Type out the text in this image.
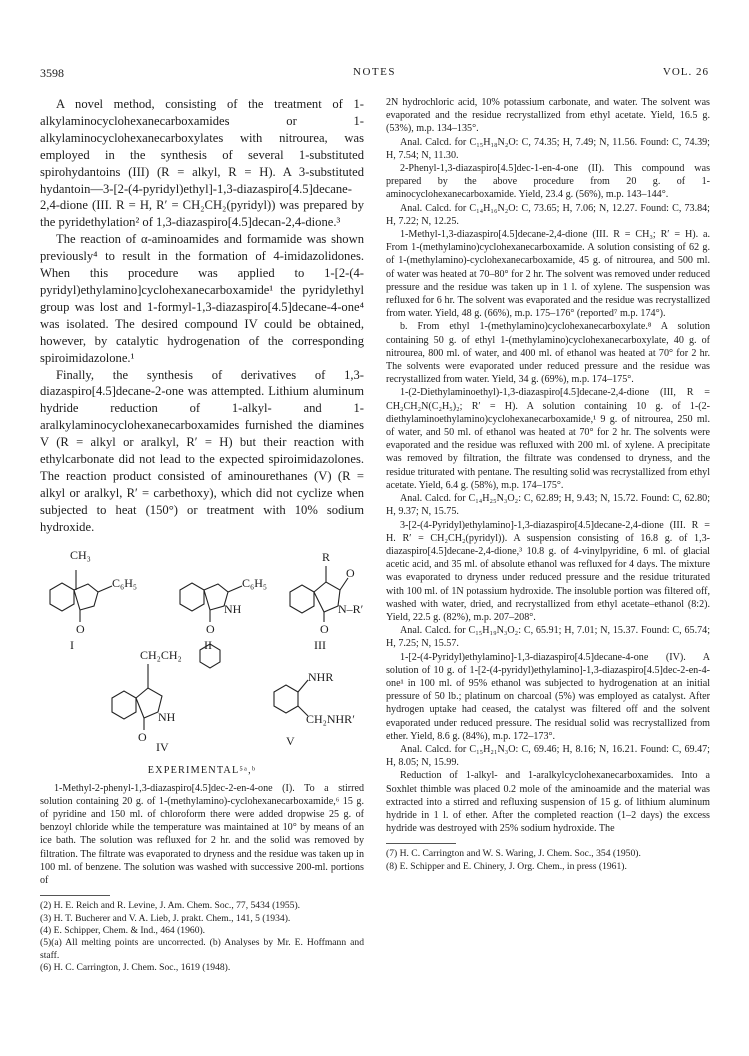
3598	NOTES	VOL. 26

A novel method, consisting of the treatment of 1-alkylaminocyclohexanecarboxamides or 1-alkylaminocyclohexanecarboxylates with nitrourea, was employed in the synthesis of several 1-substituted spirohydantoins (III) (R = alkyl, R = H). A 3-substituted hydantoin—3-[2-(4-pyridyl)ethyl]-1,3-diazaspiro[4.5]decane-2,4-dione (III. R = H, R′ = CH₂CH₂(pyridyl)) was prepared by the pyridethylation² of 1,3-diazaspiro[4.5]decan-2,4-dione.³

The reaction of α-aminoamides and formamide was shown previously⁴ to result in the formation of 4-imidazolidones. When this procedure was applied to 1-[2-(4-pyridyl)ethylamino]cyclohexanecarboxamide¹ the pyridylethyl group was lost and 1-formyl-1,3-diazaspiro[4.5]decane-4-one⁴ was isolated. The desired compound IV could be obtained, however, by catalytic hydrogenation of the corresponding spiroimidazolone.¹

Finally, the synthesis of derivatives of 1,3-diazaspiro[4.5]decane-2-one was attempted. Lithium aluminum hydride reduction of 1-alkyl- and 1-aralkylaminocyclohexanecarboxamides furnished the diamines V (R = alkyl or aralkyl, R′ = H) but their reaction with ethylcarbonate did not lead to the expected spiroimidazolones. The reaction product consisted of aminourethanes (V) (R = alkyl or aralkyl, R′ = carbethoxy), which did not cyclize when subjected to heat (150°) or treatment with 10% sodium hydroxide.

CH₃
C₆H₅
O
I
C₆H₅
NH
O
II
R
O
N–R′
O
III
CH₂CH₂
NH
O
IV
NHR
CH₂NHR′
V
EXPERIMENTAL⁵ᵃ,ᵇ

1-Methyl-2-phenyl-1,3-diazaspiro[4.5]dec-2-en-4-one (I). To a stirred solution containing 20 g. of 1-(methylamino)-cyclohexanecarboxamide,⁶ 15 g. of pyridine and 150 ml. of chloroform there were added dropwise 25 g. of benzoyl chloride while the temperature was maintained at 10° by means of an ice bath. The solution was refluxed for 2 hr. and the solid was removed by filtration. The filtrate was evaporated to dryness and the residue was taken up in 100 ml. of benzene. The solution was washed with successive 200-ml. portions of

(2) H. E. Reich and R. Levine, J. Am. Chem. Soc., 77, 5434 (1955).

(3) H. T. Bucherer and V. A. Lieb, J. prakt. Chem., 141, 5 (1934).

(4) E. Schipper, Chem. & Ind., 464 (1960).

(5)(a) All melting points are uncorrected. (b) Analyses by Mr. E. Hoffmann and staff.

(6) H. C. Carrington, J. Chem. Soc., 1619 (1948).

2N hydrochloric acid, 10% potassium carbonate, and water. The solvent was evaporated and the residue recrystallized from ethyl acetate. Yield, 16.5 g. (53%), m.p. 134–135°.

Anal. Calcd. for C₁₅H₁₈N₂O: C, 74.35; H, 7.49; N, 11.56. Found: C, 74.39; H, 7.54; N, 11.30.

2-Phenyl-1,3-diazaspiro[4.5]dec-1-en-4-one (II). This compound was prepared by the above procedure from 20 g. of 1-aminocyclohexanecarboxamide. Yield, 23.4 g. (56%), m.p. 143–144°.

Anal. Calcd. for C₁₄H₁₆N₂O: C, 73.65; H, 7.06; N, 12.27. Found: C, 73.84; H, 7.22; N, 12.25.

1-Methyl-1,3-diazaspiro[4.5]decane-2,4-dione (III. R = CH₃; R′ = H). a. From 1-(methylamino)cyclohexanecarboxamide. A solution consisting of 62 g. of 1-(methylamino)-cyclohexanecarboxamide, 45 g. of nitrourea, and 500 ml. of water was heated at 70–80° for 2 hr. The solvent was removed under reduced pressure and the residue was taken up in 1 l. of xylene. The suspension was refluxed for 6 hr. The solvent was evaporated and the residue was recrystallized from water. Yield, 48 g. (66%), m.p. 175–176° (reported⁷ m.p. 174°).

b. From ethyl 1-(methylamino)cyclohexanecarboxylate.⁸ A solution containing 50 g. of ethyl 1-(methylamino)cyclohexanecarboxylate, 40 g. of nitrourea, 800 ml. of water, and 400 ml. of ethanol was heated at 70° for 2 hr. The solvents were evaporated under reduced pressure and the residue was recrystallized from water. Yield, 34 g. (69%), m.p. 174–175°.

1-(2-Diethylaminoethyl)-1,3-diazaspiro[4.5]decane-2,4-dione (III, R = CH₂CH₂N(C₂H₅)₂; R′ = H). A solution containing 10 g. of 1-(2-diethylaminoethylamino)cyclohexanecarboxamide,¹ 9 g. of nitrourea, 250 ml. of water, and 50 ml. of ethanol was heated at 70° for 2 hr. The solvents were evaporated and the residue was refluxed with 200 ml. of xylene. A precipitate was removed by filtration, the filtrate was condensed to dryness, and the residue triturated with pentane. The resulting solid was recrystallized from ethyl acetate. Yield, 6.4 g. (58%), m.p. 174–175°.

Anal. Calcd. for C₁₄H₂₅N₃O₂: C, 62.89; H, 9.43; N, 15.72. Found: C, 62.80; H, 9.37; N, 15.75.

3-[2-(4-Pyridyl)ethylamino]-1,3-diazaspiro[4.5]decane-2,4-dione (III. R = H. R′ = CH₂CH₂(pyridyl)). A suspension consisting of 16.8 g. of 1,3-diazaspiro[4.5]decane-2,4-dione,³ 10.8 g. of 4-vinylpyridine, 6 ml. of glacial acetic acid, and 35 ml. of absolute ethanol was refluxed for 4 days. The mixture was evaporated to dryness under reduced pressure and the residue triturated with 100 ml. of 1N potassium hydroxide. The insoluble portion was filtered off, washed with water, dried, and recrystallized from ethyl acetate–ethanol (8:2). Yield, 22.5 g. (82%), m.p. 207–208°.

Anal. Calcd. for C₁₅H₁₉N₃O₂: C, 65.91; H, 7.01; N, 15.37. Found: C, 65.74; H, 7.25; N, 15.57.

1-[2-(4-Pyridyl)ethylamino]-1,3-diazaspiro[4.5]decane-4-one (IV). A solution of 10 g. of 1-[2-(4-pyridyl)ethylamino]-1,3-diazaspiro[4.5]dec-2-en-4-one¹ in 100 ml. of 95% ethanol was subjected to hydrogenation at an initial pressure of 50 lb.; platinum on charcoal (5%) was employed as catalyst. After hydrogen uptake had ceased, the catalyst was filtered off and the solvent evaporated under reduced pressure. The residual solid was recrystallized from ether. Yield, 8.6 g. (84%), m.p. 172–173°.

Anal. Calcd. for C₁₅H₂₁N₃O: C, 69.46; H, 8.16; N, 16.21. Found: C, 69.47; H, 8.05; N, 15.99.

Reduction of 1-alkyl- and 1-aralkylcyclohexanecarboxamides. Into a Soxhlet thimble was placed 0.2 mole of the aminoamide and the material was extracted into a stirred and refluxing suspension of 15 g. of lithium aluminum hydride in 1 l. of ether. After the completed reaction (1–2 days) the excess hydride was destroyed with 25% sodium hydroxide. The

(7) H. C. Carrington and W. S. Waring, J. Chem. Soc., 354 (1950).

(8) E. Schipper and E. Chinery, J. Org. Chem., in press (1961).
